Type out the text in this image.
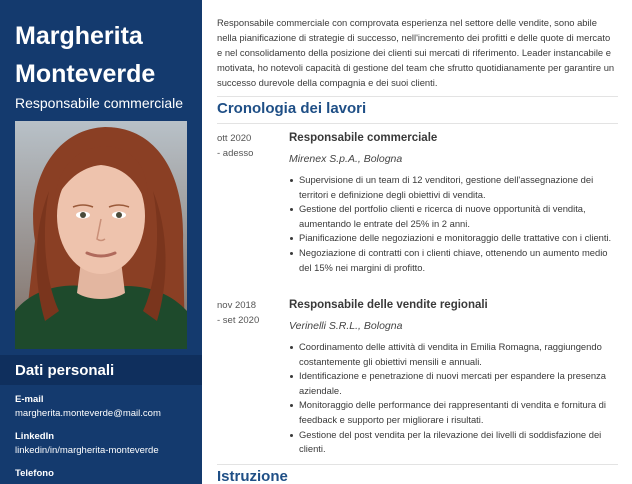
Margherita Monteverde
Responsabile commerciale
Dati personali
E-mail
margherita.monteverde@mail.com
LinkedIn
linkedin/in/margherita-monteverde
Telefono
Responsabile commerciale con comprovata esperienza nel settore delle vendite, sono abile nella pianificazione di strategie di successo, nell'incremento dei profitti e delle quote di mercato e nel consolidamento della posizione dei clienti sui mercati di riferimento. Leader instancabile e motivata, ho notevoli capacità di gestione del team che sfrutto quotidianamente per garantire un successo durevole della compagnia e dei suoi clienti.
Cronologia dei lavori
ott 2020
- adesso
Responsabile commerciale
Mirenex S.p.A., Bologna
Supervisione di un team di 12 venditori, gestione dell'assegnazione dei territori e definizione degli obiettivi di vendita.
Gestione del portfolio clienti e ricerca di nuove opportunità di vendita, aumentando le entrate del 25% in 2 anni.
Pianificazione delle negoziazioni e monitoraggio delle trattative con i clienti.
Negoziazione di contratti con i clienti chiave, ottenendo un aumento medio del 15% nei margini di profitto.
nov 2018
- set 2020
Responsabile delle vendite regionali
Verinelli S.R.L., Bologna
Coordinamento delle attività di vendita in Emilia Romagna, raggiungendo costantemente gli obiettivi mensili e annuali.
Identificazione e penetrazione di nuovi mercati per espandere la presenza aziendale.
Monitoraggio delle performance dei rappresentanti di vendita e fornitura di feedback e supporto per migliorare i risultati.
Gestione del post vendita per la rilevazione dei livelli di soddisfazione dei clienti.
Istruzione
